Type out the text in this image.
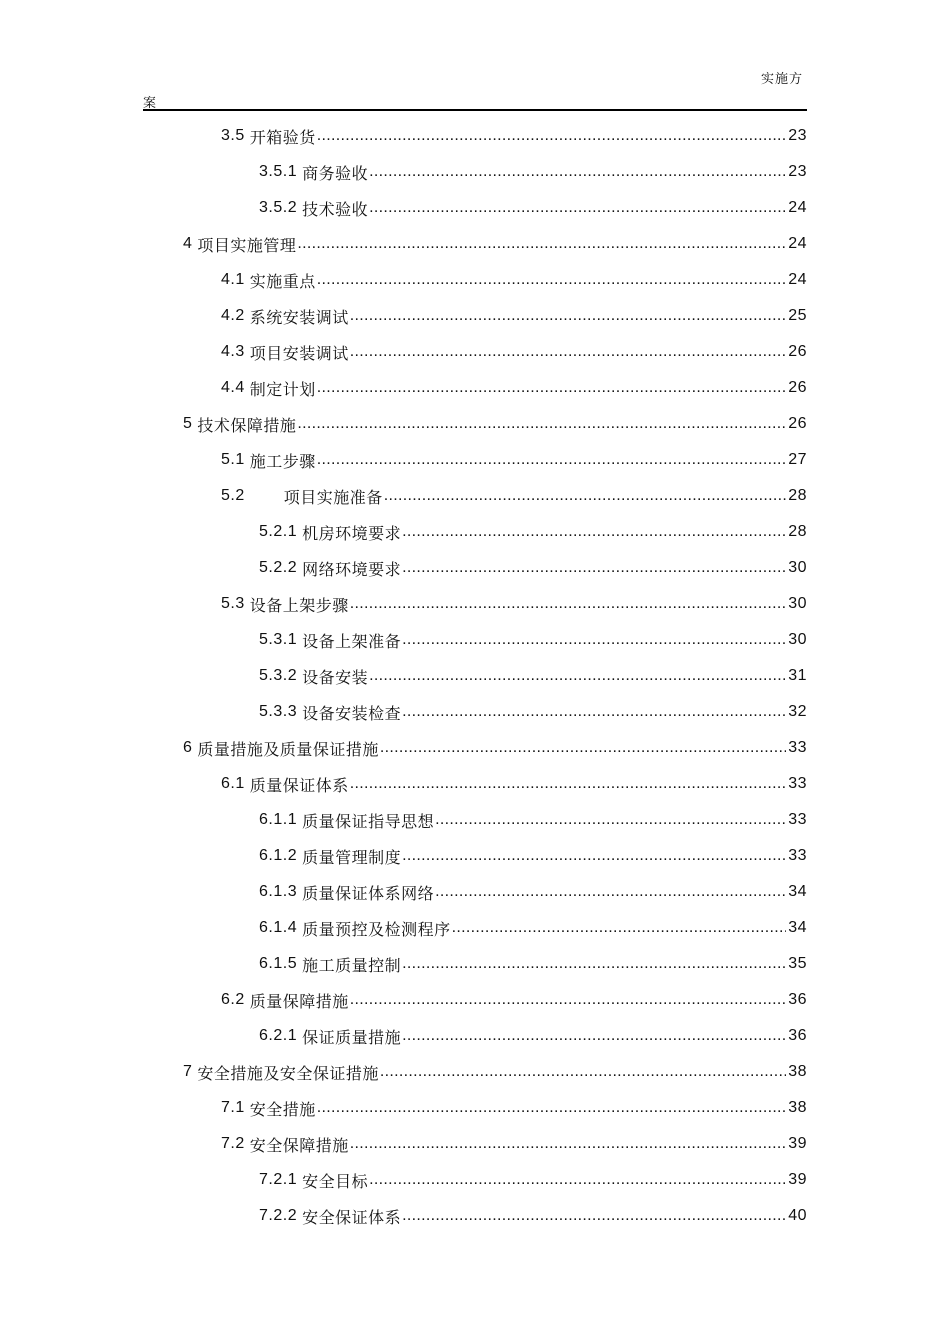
实施方
案
3.5 开箱验货 .....	23
3.5.1 商务验收 .....	23
3.5.2 技术验收 .....	24
4 项目实施管理 .....	24
4.1 实施重点 .....	24
4.2 系统安装调试 .....	25
4.3 项目安装调试 .....	26
4.4 制定计划 .....	26
5 技术保障措施 .....	26
5.1 施工步骤 .....	27
5.2 项目实施准备 .....	28
5.2.1 机房环境要求 .....	28
5.2.2 网络环境要求 .....	30
5.3 设备上架步骤 .....	30
5.3.1 设备上架准备 .....	30
5.3.2 设备安装 .....	31
5.3.3 设备安装检查 .....	32
6 质量措施及质量保证措施 .....	33
6.1 质量保证体系 .....	33
6.1.1 质量保证指导思想 .....	33
6.1.2 质量管理制度 .....	33
6.1.3 质量保证体系网络 .....	34
6.1.4 质量预控及检测程序 .....	34
6.1.5 施工质量控制 .....	35
6.2 质量保障措施 .....	36
6.2.1 保证质量措施 .....	36
7 安全措施及安全保证措施 .....	38
7.1 安全措施 .....	38
7.2 安全保障措施 .....	39
7.2.1 安全目标 .....	39
7.2.2 安全保证体系 .....	40
